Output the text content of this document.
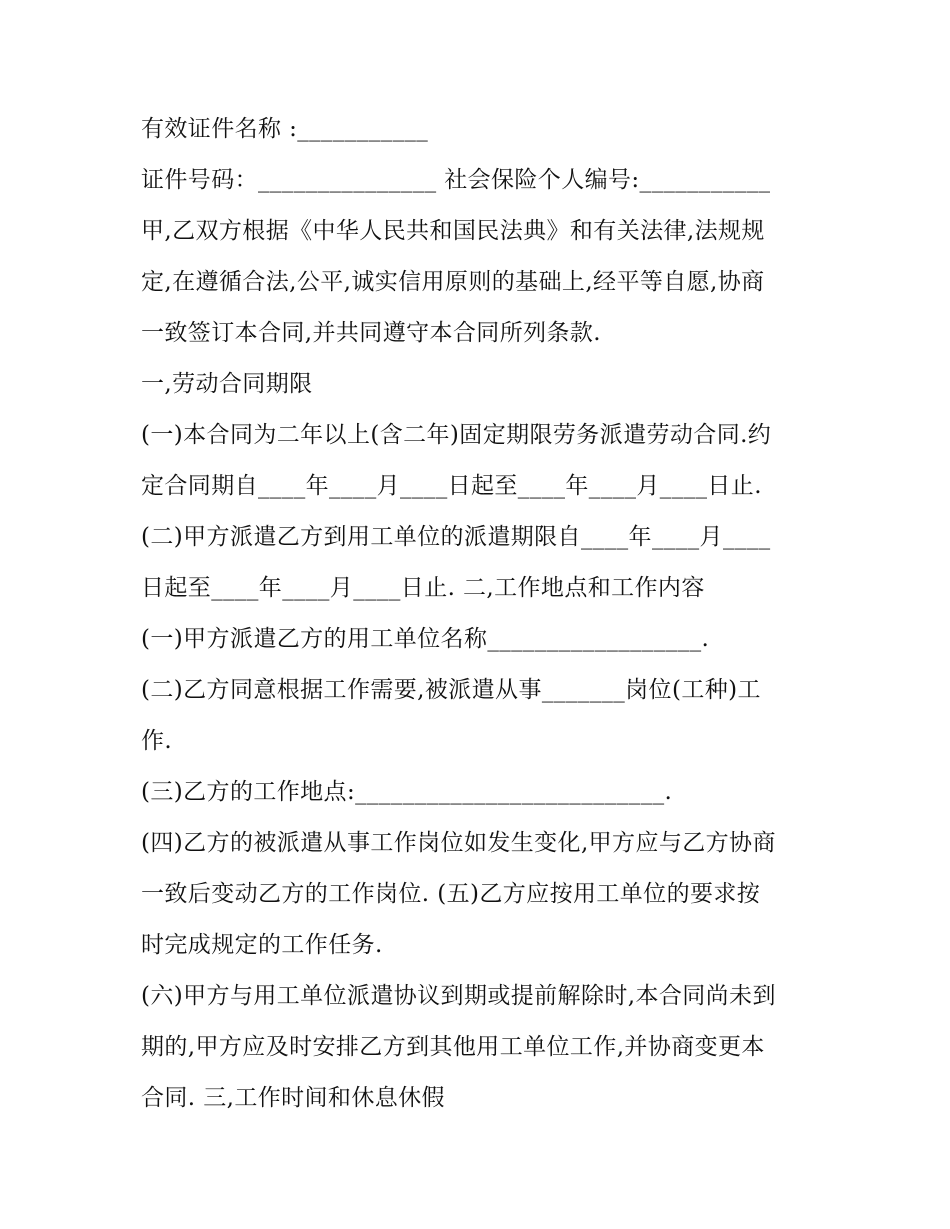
有效证件名称 :___________
证件号码：_______________ 社会保险个人编号:___________
甲,乙双方根据《中华人民共和国民法典》和有关法律,法规规
定,在遵循合法,公平,诚实信用原则的基础上,经平等自愿,协商
一致签订本合同,并共同遵守本合同所列条款.
一,劳动合同期限
(一)本合同为二年以上(含二年)固定期限劳务派遣劳动合同.约
定合同期自____年____月____日起至____年____月____日止.
(二)甲方派遣乙方到用工单位的派遣期限自____年____月____
日起至____年____月____日止. 二,工作地点和工作内容
(一)甲方派遣乙方的用工单位名称__________________.
(二)乙方同意根据工作需要,被派遣从事_______岗位(工种)工
作.
(三)乙方的工作地点:__________________________.
(四)乙方的被派遣从事工作岗位如发生变化,甲方应与乙方协商
一致后变动乙方的工作岗位. (五)乙方应按用工单位的要求按
时完成规定的工作任务.
(六)甲方与用工单位派遣协议到期或提前解除时,本合同尚未到
期的,甲方应及时安排乙方到其他用工单位工作,并协商变更本
合同. 三,工作时间和休息休假
